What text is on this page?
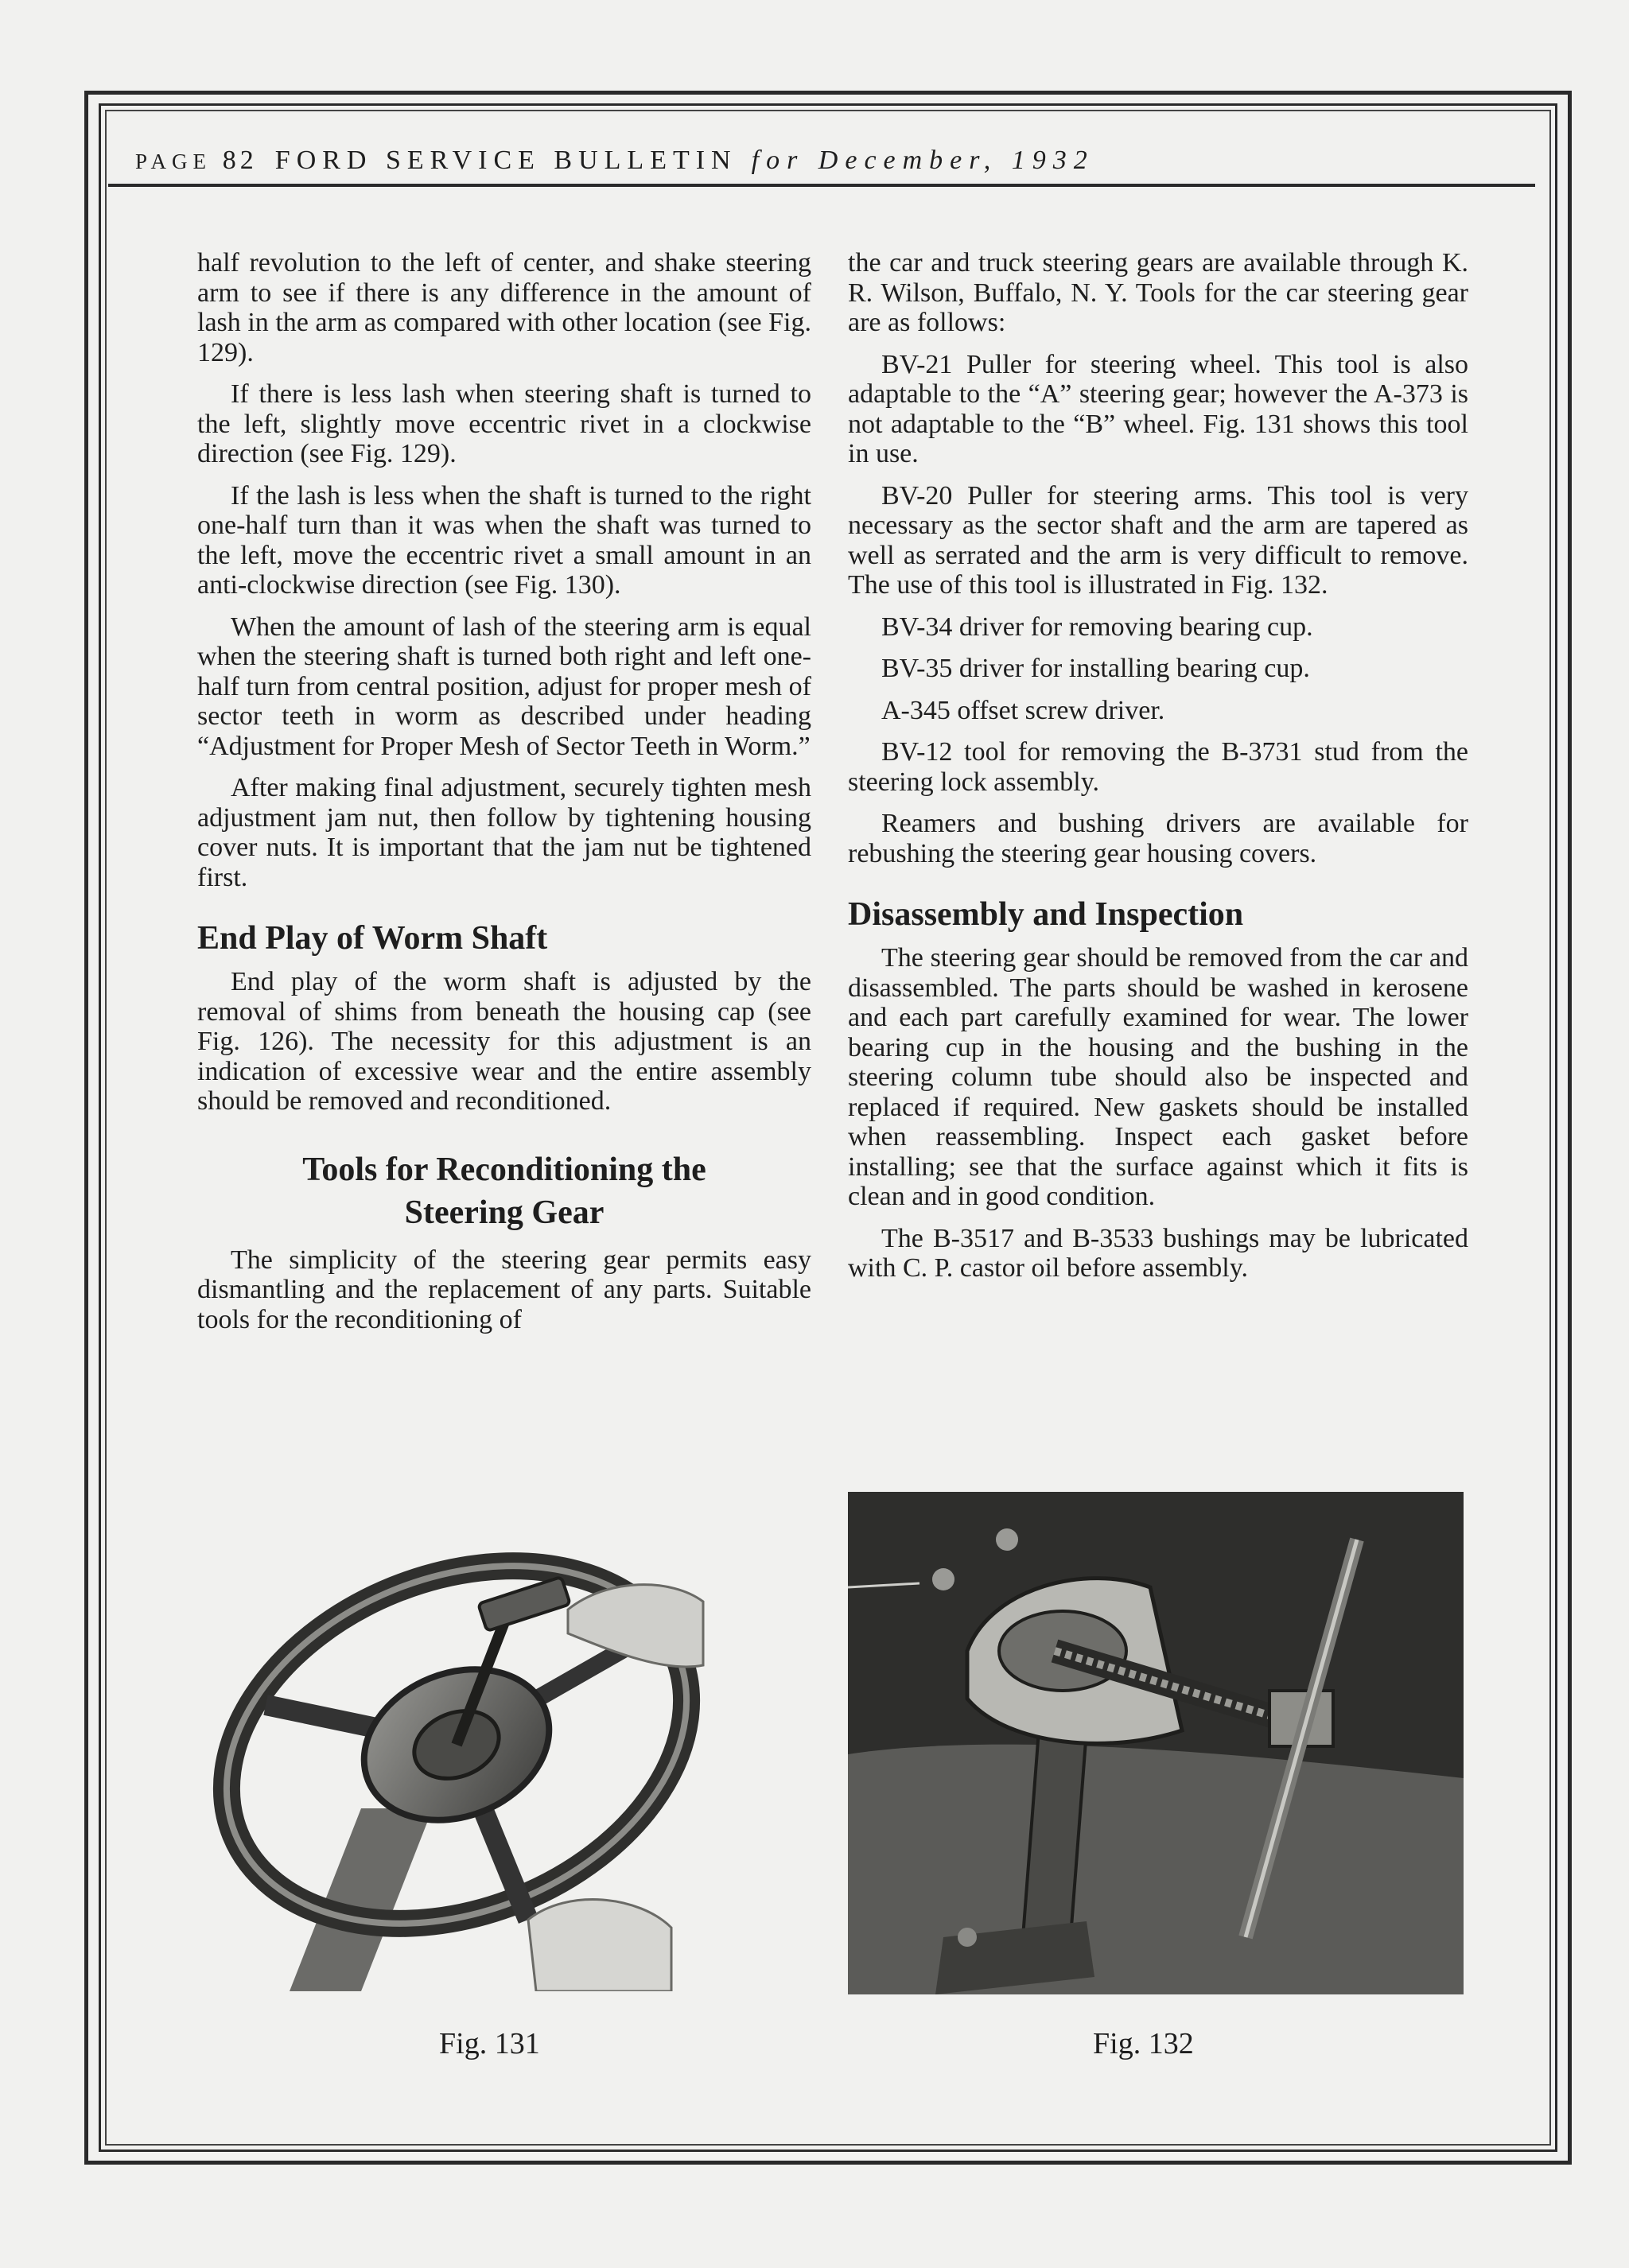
PAGE 82 FORD SERVICE BULLETIN for December, 1932

half revolution to the left of center, and shake steering arm to see if there is any difference in the amount of lash in the arm as compared with other location (see Fig. 129).

If there is less lash when steering shaft is turned to the left, slightly move eccentric rivet in a clockwise direction (see Fig. 129).

If the lash is less when the shaft is turned to the right one-half turn than it was when the shaft was turned to the left, move the eccentric rivet a small amount in an anti-clockwise direction (see Fig. 130).

When the amount of lash of the steering arm is equal when the steering shaft is turned both right and left one-half turn from central position, adjust for proper mesh of sector teeth in worm as described under heading “Adjustment for Proper Mesh of Sector Teeth in Worm.”

After making final adjustment, securely tighten mesh adjustment jam nut, then follow by tightening housing cover nuts. It is important that the jam nut be tightened first.

End Play of Worm Shaft

End play of the worm shaft is adjusted by the removal of shims from beneath the housing cap (see Fig. 126). The necessity for this adjustment is an indication of excessive wear and the entire assembly should be removed and reconditioned.

Tools for Reconditioning the
Steering Gear

The simplicity of the steering gear permits easy dismantling and the replacement of any parts. Suitable tools for the reconditioning of

the car and truck steering gears are available through K. R. Wilson, Buffalo, N. Y. Tools for the car steering gear are as follows:

BV-21 Puller for steering wheel. This tool is also adaptable to the “A” steering gear; however the A-373 is not adaptable to the “B” wheel. Fig. 131 shows this tool in use.

BV-20 Puller for steering arms. This tool is very necessary as the sector shaft and the arm are tapered as well as serrated and the arm is very difficult to remove. The use of this tool is illustrated in Fig. 132.

BV-34 driver for removing bearing cup.

BV-35 driver for installing bearing cup.

A-345 offset screw driver.

BV-12 tool for removing the B-3731 stud from the steering lock assembly.

Reamers and bushing drivers are available for rebushing the steering gear housing covers.

Disassembly and Inspection

The steering gear should be removed from the car and disassembled. The parts should be washed in kerosene and each part carefully examined for wear. The lower bearing cup in the housing and the bushing in the steering column tube should also be inspected and replaced if required. New gaskets should be installed when reassembling. Inspect each gasket before installing; see that the surface against which it fits is clean and in good condition.

The B-3517 and B-3533 bushings may be lubricated with C. P. castor oil before assembly.

Fig. 131	Fig. 132
